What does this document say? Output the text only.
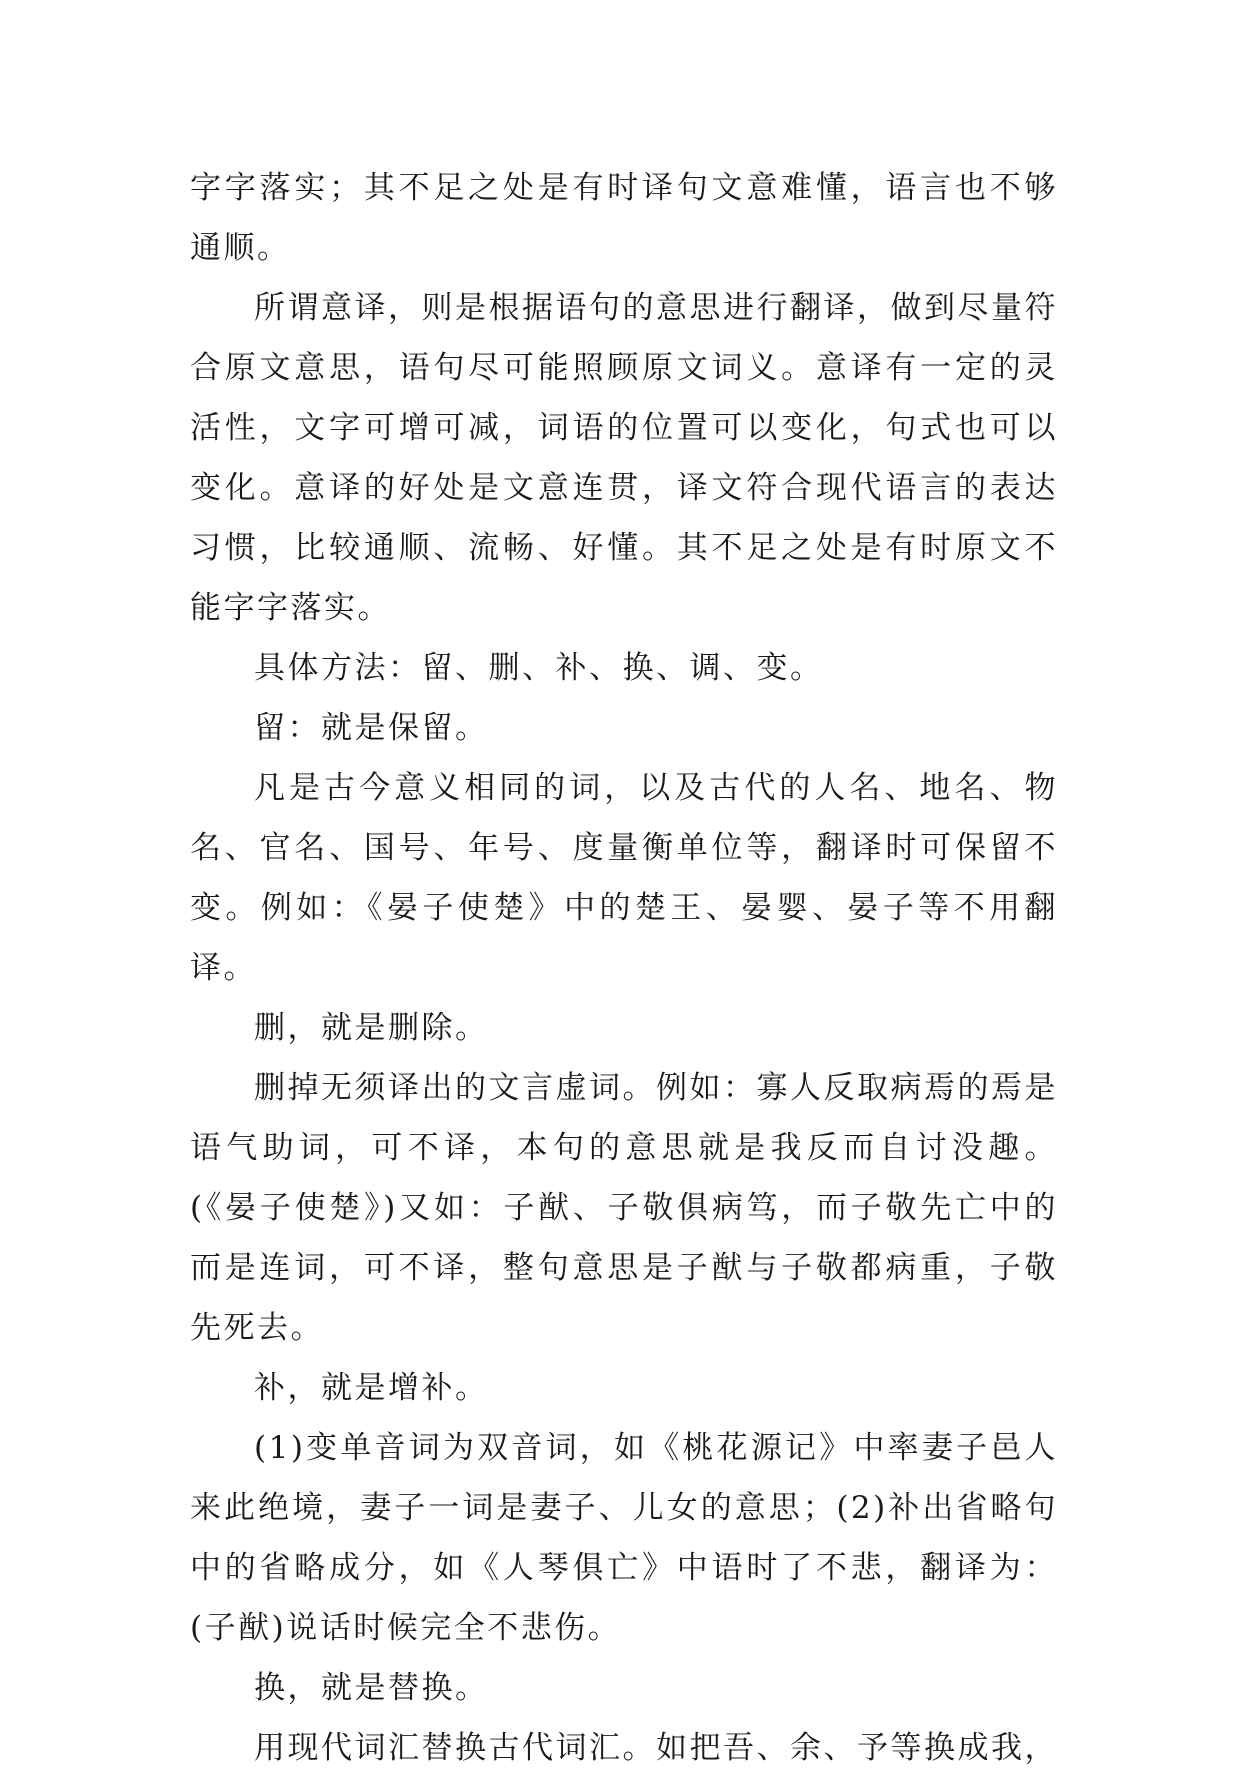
字字落实；其不足之处是有时译句文意难懂，语言也不够通顺。

所谓意译，则是根据语句的意思进行翻译，做到尽量符合原文意思，语句尽可能照顾原文词义。意译有一定的灵活性，文字可增可减，词语的位置可以变化，句式也可以变化。意译的好处是文意连贯，译文符合现代语言的表达习惯，比较通顺、流畅、好懂。其不足之处是有时原文不能字字落实。

具体方法：留、删、补、换、调、变。

留：就是保留。

凡是古今意义相同的词，以及古代的人名、地名、物名、官名、国号、年号、度量衡单位等，翻译时可保留不变。例如：《晏子使楚》中的楚王、晏婴、晏子等不用翻译。

删，就是删除。

删掉无须译出的文言虚词。例如：寡人反取病焉的焉是语气助词，可不译，本句的意思就是我反而自讨没趣。(《晏子使楚》)又如：子猷、子敬俱病笃，而子敬先亡中的而是连词，可不译，整句意思是子猷与子敬都病重，子敬先死去。

补，就是增补。

(1)变单音词为双音词，如《桃花源记》中率妻子邑人来此绝境，妻子一词是妻子、儿女的意思；(2)补出省略句中的省略成分，如《人琴俱亡》中语时了不悲，翻译为：(子猷)说话时候完全不悲伤。

换，就是替换。

用现代词汇替换古代词汇。如把吾、余、予等换成我，
